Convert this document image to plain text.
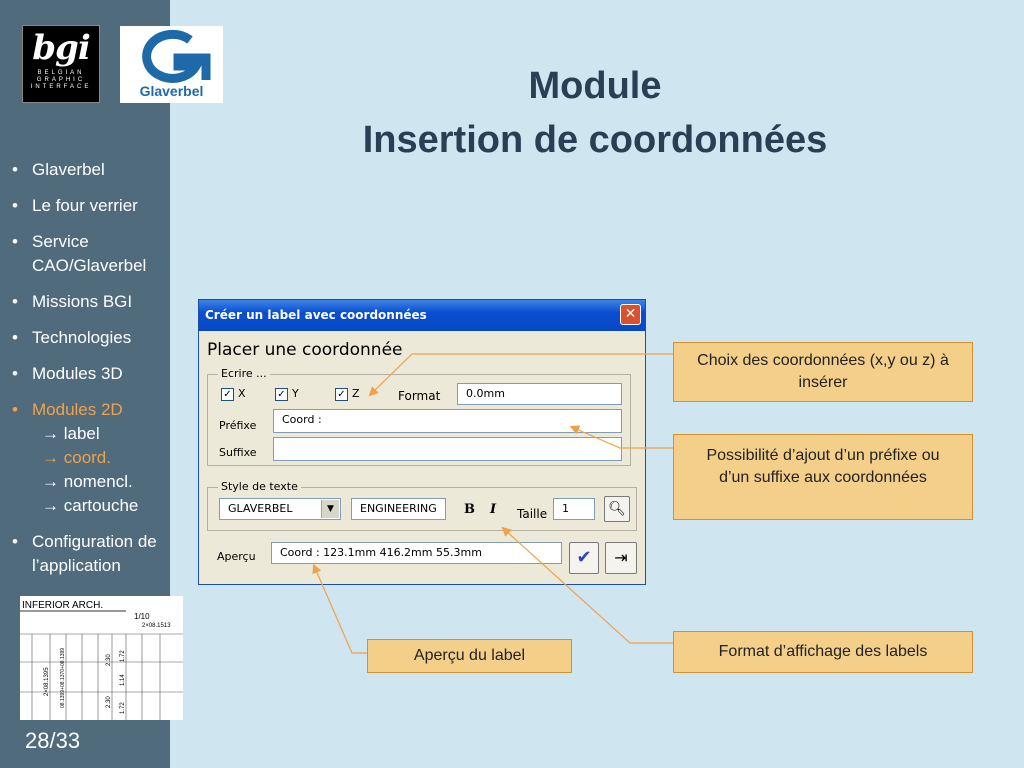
bgi
BELGIAN GRAPHIC INTERFACE	Glaverbel
• Glaverbel
• Le four verrier
• Service CAO/Glaverbel
• Missions BGI
• Technologies
• Modules 3D
• Modules 2D
→ label
→ coord.
→ nomencl.
→ cartouche
• Configuration de l’application
INFERIOR ARCH.
1/10
2×08.1513
2×08.1395 08.1399+08.1370+08.1399	2.30
2.30
1.72
1.14
1.72
28/33
Module
Insertion de coordonnées
Créer un label avec coordonnées	✕
Placer une coordonnée
Ecrire ...
✓ X	✓ Y	✓ Z	Format	0.0mm
Préfixe	Coord :
Suffixe
Style de texte
GLAVERBEL	▼	ENGINEERING	B I Taille	1	🔍︎
Aperçu	Coord : 123.1mm 416.2mm 55.3mm	✔	⇥
Choix des coordonnées (x,y ou z) à insérer
Possibilité d’ajout d’un préfixe ou d’un suffixe aux coordonnées
Format d’affichage des labels
Aperçu du label
